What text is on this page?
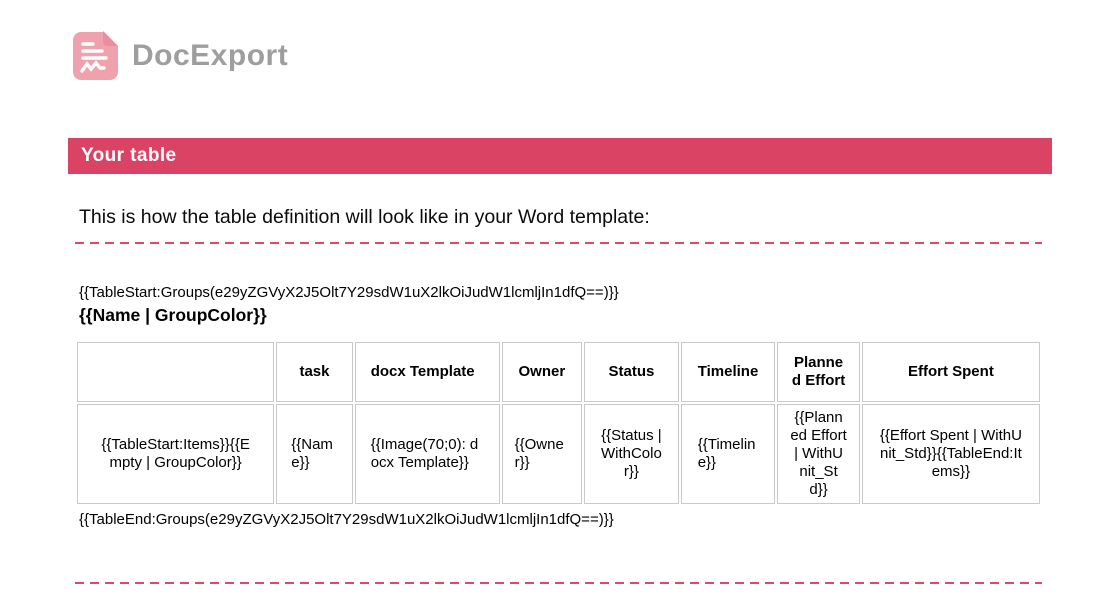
DocExport
Your table
This is how the table definition will look like in your Word template:
{{TableStart:Groups(e29yZGVyX2J5Olt7Y29sdW1uX2lkOiJudW1lcmljIn1dfQ==)}}
{{Name | GroupColor}}
	task	docx Template	Owner	Status	Timeline	Planned Effort	Effort Spent
{{TableStart:Items}}{{Empty | GroupColor}}	{{Name}}	{{Image(70;0): docx Template}}	{{Owner}}	{{Status | WithColor}}	{{Timeline}}	{{Planned Effort | WithUnit_Std}}	{{Effort Spent | WithUnit_Std}}{{TableEnd:Items}}
{{TableEnd:Groups(e29yZGVyX2J5Olt7Y29sdW1uX2lkOiJudW1lcmljIn1dfQ==)}}
